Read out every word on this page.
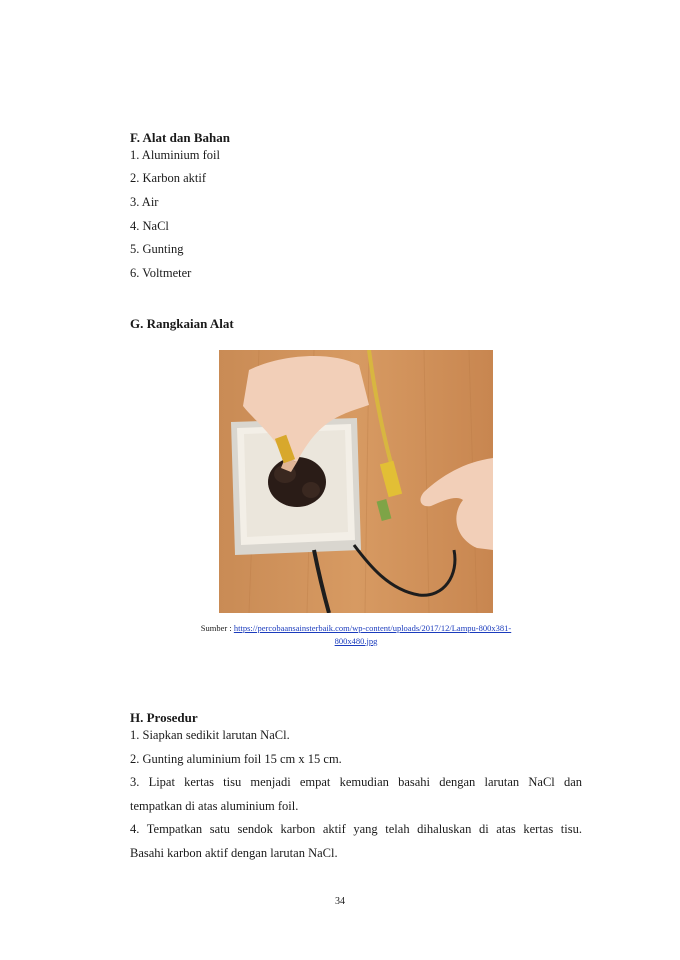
F. Alat dan Bahan
1. Aluminium foil
2. Karbon aktif
3. Air
4. NaCl
5. Gunting
6. Voltmeter
G. Rangkaian Alat
Sumber : https://percobaansainsterbaik.com/wp-content/uploads/2017/12/Lampu-800x381-
800x480.jpg
H. Prosedur
1. Siapkan sedikit larutan NaCl.
2. Gunting aluminium foil 15 cm x 15 cm.
3. Lipat kertas tisu menjadi empat kemudian basahi dengan larutan NaCl dan
tempatkan di atas aluminium foil.
4. Tempatkan satu sendok karbon aktif yang telah dihaluskan di atas kertas tisu.
Basahi karbon aktif dengan larutan NaCl.
34
